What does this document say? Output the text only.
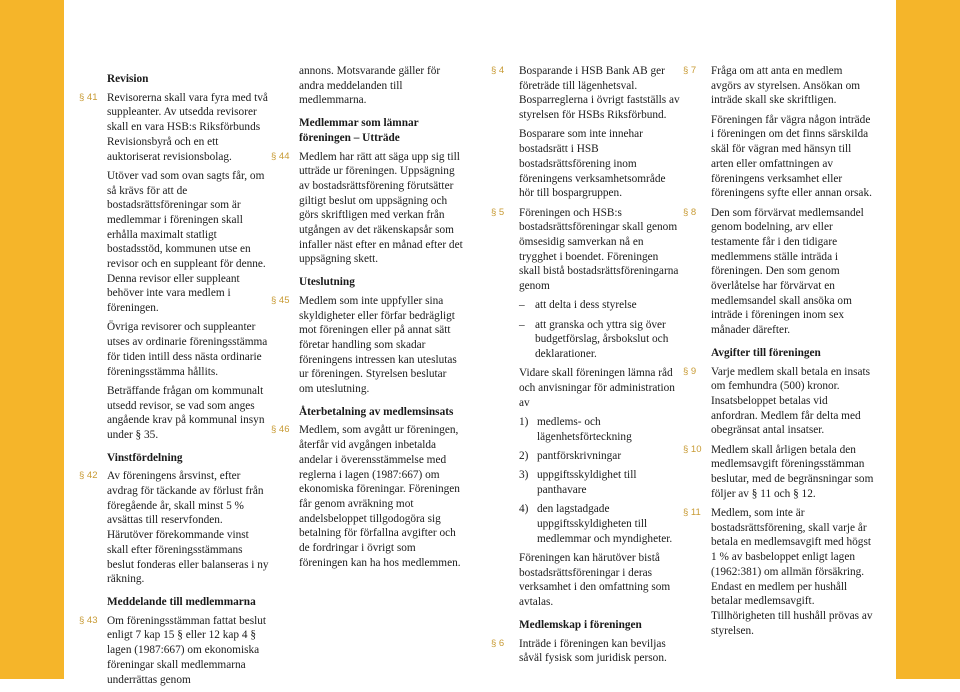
Revision
§ 41 Revisorerna skall vara fyra med två suppleanter. Av utsedda revisorer skall en vara HSB:s Riksförbunds Revisionsbyrå och en ett auktoriserat revisionsbolag.
Utöver vad som ovan sagts får, om så krävs för att de bostadsrättsföreningar som är medlemmar i föreningen skall erhålla maximalt statligt bostadsstöd, kommunen utse en revisor och en suppleant för denne. Denna revisor eller suppleant behöver inte vara medlem i föreningen.
Övriga revisorer och suppleanter utses av ordinarie föreningsstämma för tiden intill dess nästa ordinarie föreningsstämma hållits.
Beträffande frågan om kommunalt utsedd revisor, se vad som anges angående krav på kommunal insyn under § 35.
Vinstfördelning
§ 42 Av föreningens årsvinst, efter avdrag för täckande av förlust från föregående år, skall minst 5 % avsättas till reservfonden. Härutöver förekommande vinst skall efter föreningsstämmans beslut fonderas eller balanseras i ny räkning.
Meddelande till medlemmarna
§ 43 Om föreningsstämman fattat beslut enligt 7 kap 15 § eller 12 kap 4 § lagen (1987:667) om ekonomiska föreningar skall medlemmarna underrättas genom
annons. Motsvarande gäller för andra meddelanden till medlemmarna.
Medlemmar som lämnar föreningen – Utträde
§ 44 Medlem har rätt att säga upp sig till utträde ur föreningen. Uppsägning av bostadsrättsförening förutsätter giltigt beslut om uppsägning och görs skriftligen med verkan från utgången av det räkenskapsår som infaller näst efter en månad efter det uppsägning skett.
Uteslutning
§ 45 Medlem som inte uppfyller sina skyldigheter eller förfar bedrägligt mot föreningen eller på annat sätt företar handling som skadar föreningens intressen kan uteslutas ur föreningen. Styrelsen beslutar om uteslutning.
Återbetalning av medlemsinsats
§ 46 Medlem, som avgått ur föreningen, återfår vid avgången inbetalda andelar i överensstämmelse med reglerna i lagen (1987:667) om ekonomiska föreningar. Föreningen får genom avräkning mot andelsbeloppet tillgodogöra sig betalning för förfallna avgifter och de fordringar i övrigt som föreningen kan ha hos medlemmen.
§ 4	Bosparande i HSB Bank AB ger företräde till lägenhetsval. Bosparreglerna i övrigt fastställs av styrelsen för HSBs Riksförbund.
Bosparare som inte innehar bostadsrätt i HSB bostadsrättsförening inom föreningens verksamhetsområde hör till bospargruppen.
§ 5	Föreningen och HSB:s bostadsrättsföreningar skall genom ömsesidig samverkan nå en trygghet i boendet. Föreningen skall bistå bostadsrättsföreningarna genom
– att delta i dess styrelse
– att granska och yttra sig över budgetförslag, årsbokslut och deklarationer.
Vidare skall föreningen lämna råd och anvisningar för administration av
1) medlems- och lägenhetsförteckning
2) pantförskrivningar
3) uppgiftsskyldighet till panthavare
4) den lagstadgade uppgiftsskyldigheten till medlemmar och myndigheter.
Föreningen kan härutöver bistå bostadsrättsföreningar i deras verksamhet i den omfattning som avtalas.
Medlemskap i föreningen
§ 6	Inträde i föreningen kan beviljas såväl fysisk som juridisk person.
§ 7	Fråga om att anta en medlem avgörs av styrelsen. Ansökan om inträde skall ske skriftligen.
Föreningen får vägra någon inträde i föreningen om det finns särskilda skäl för vägran med hänsyn till arten eller omfattningen av föreningens verksamhet eller föreningens syfte eller annan orsak.
§ 8	Den som förvärvat medlemsandel genom bodelning, arv eller testamente får i den tidigare medlemmens ställe inträda i föreningen. Den som genom överlåtelse har förvärvat en medlemsandel skall ansöka om inträde i föreningen inom sex månader därefter.
Avgifter till föreningen
§ 9	Varje medlem skall betala en insats om femhundra (500) kronor. Insatsbeloppet betalas vid anfordran. Medlem får delta med obegränsat antal insatser.
§ 10 Medlem skall årligen betala den medlemsavgift föreningsstämman beslutar, med de begränsningar som följer av § 11 och § 12.
§ 11 Medlem, som inte är bostadsrättsförening, skall varje år betala en medlemsavgift med högst 1 % av basbeloppet enligt lagen (1962:381) om allmän försäkring. Endast en medlem per hushåll betalar medlemsavgift. Tillhörigheten till hushåll prövas av styrelsen.
